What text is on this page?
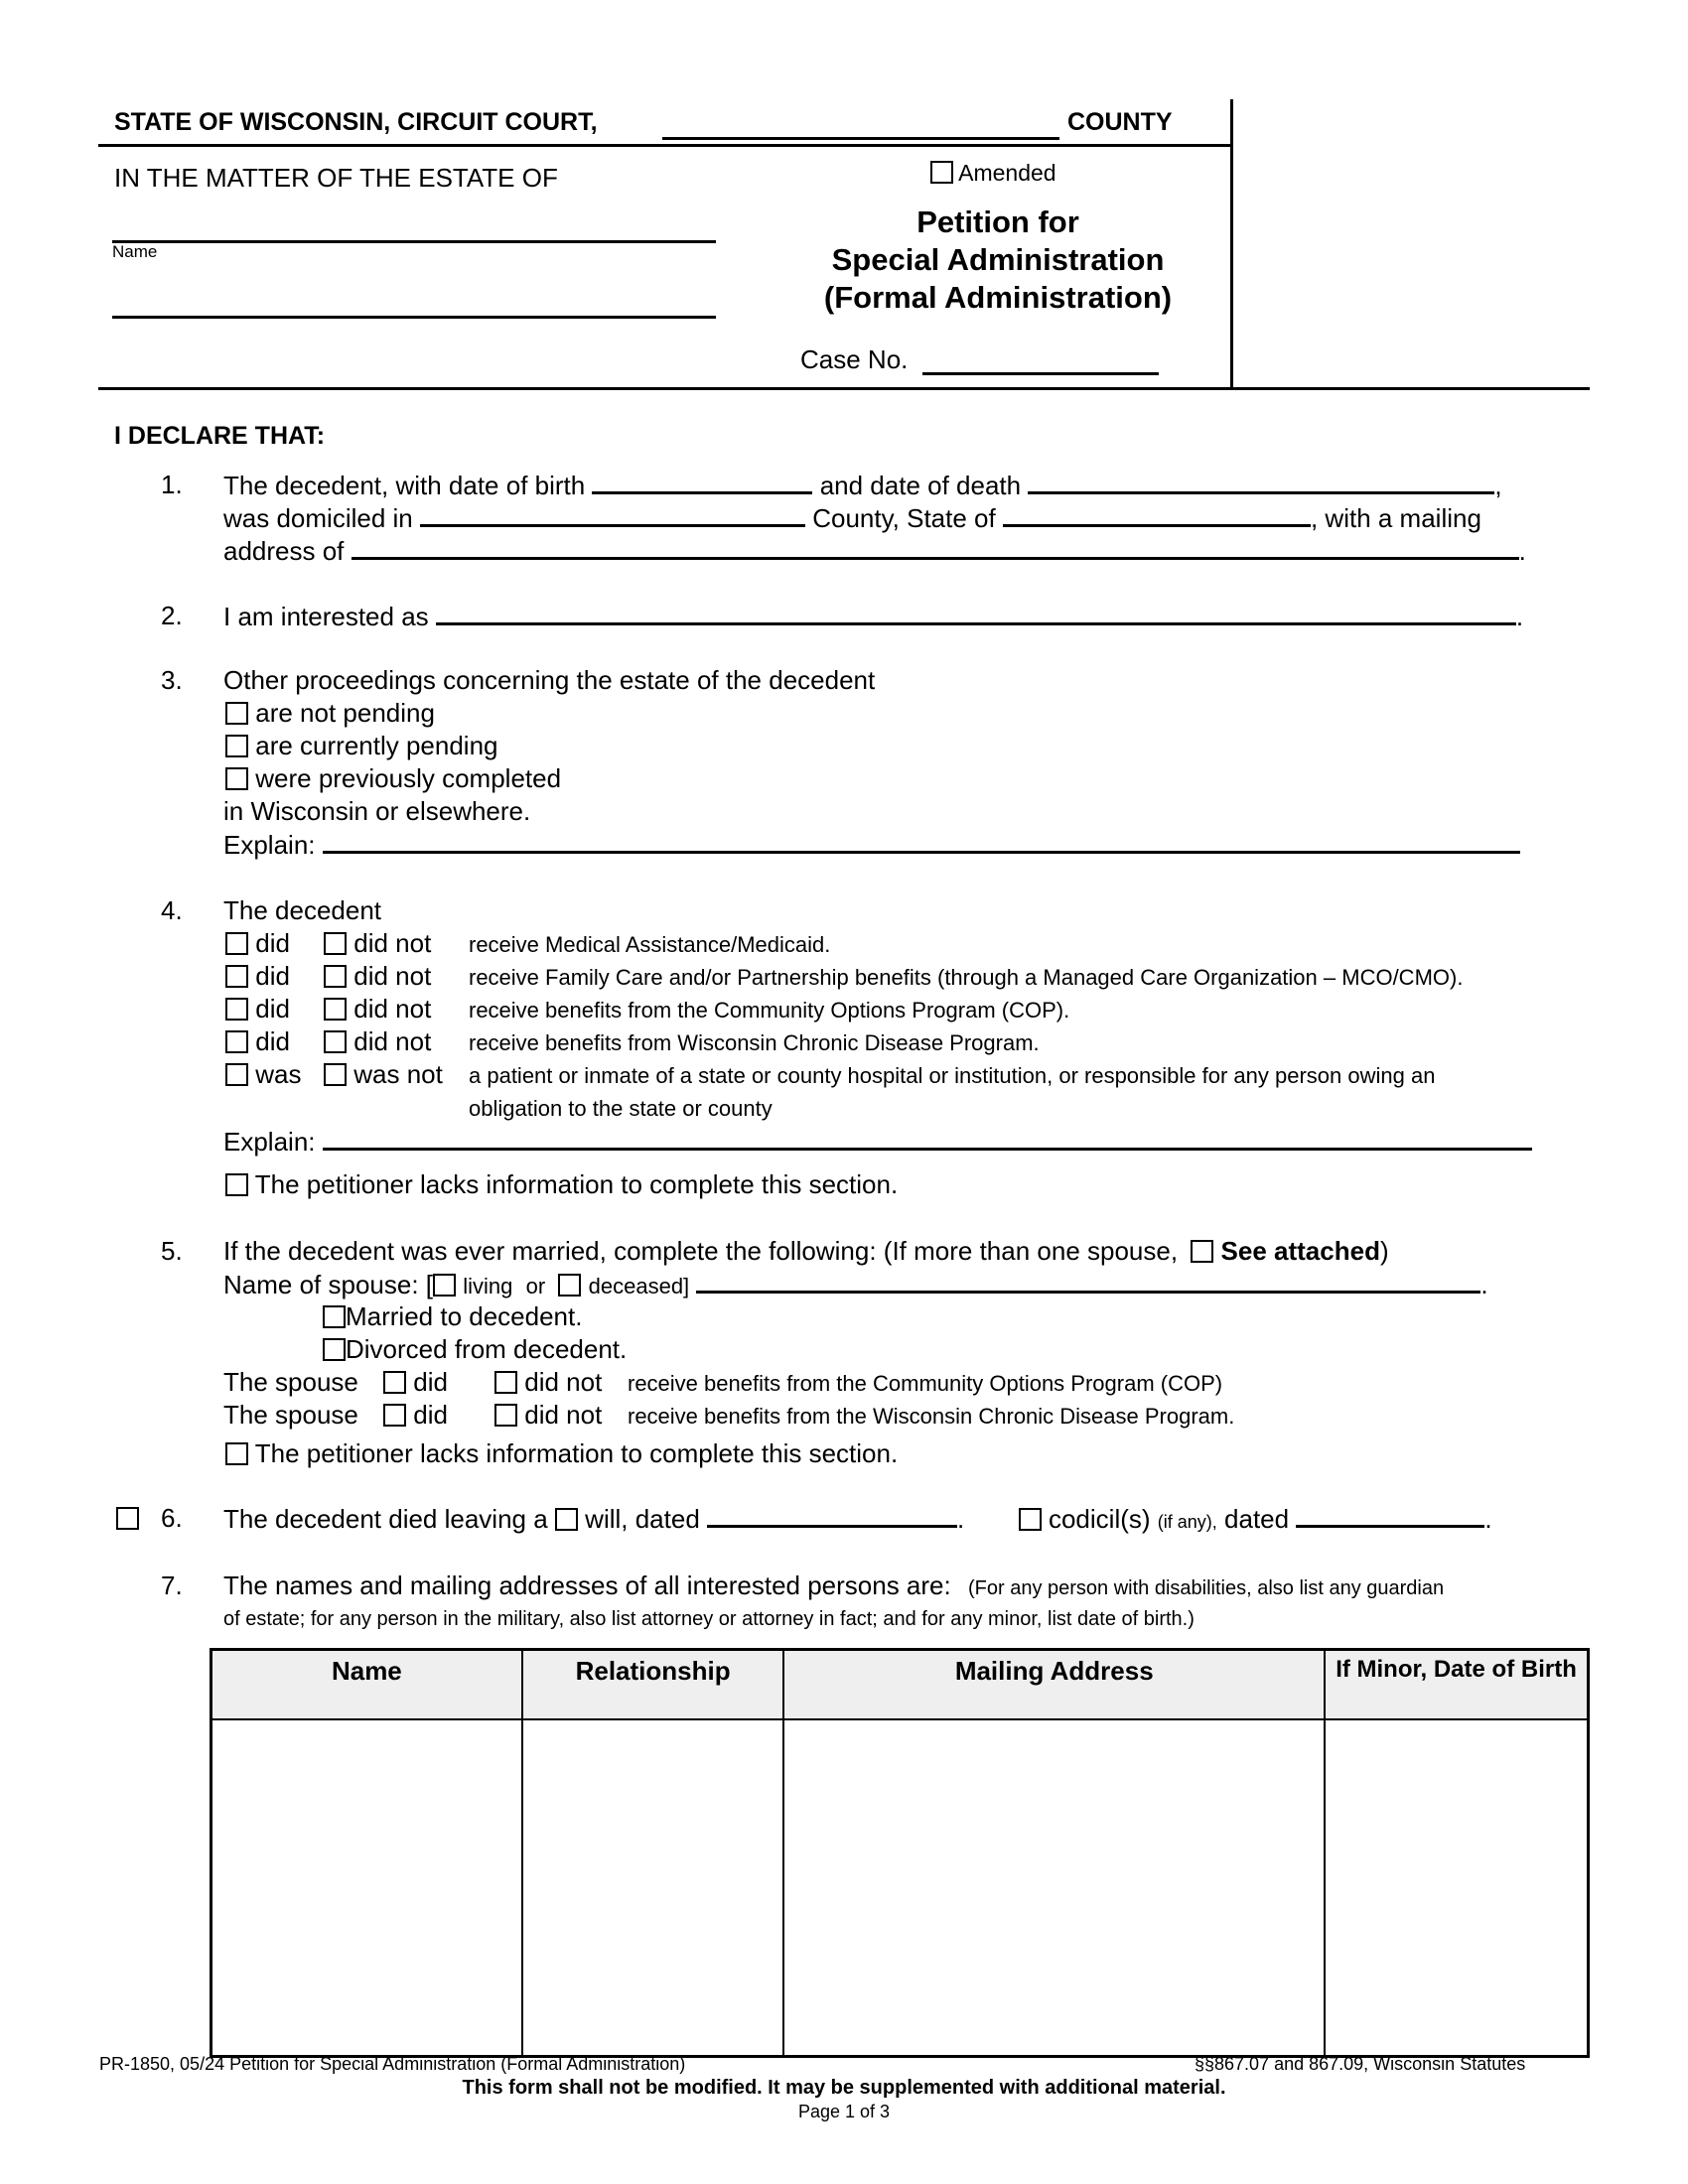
STATE OF WISCONSIN, CIRCUIT COURT,	COUNTY
IN THE MATTER OF THE ESTATE OF
Name
Amended
Petition for
Special Administration
(Formal Administration)
Case No.
I DECLARE THAT:
1. The decedent, with date of birth	and date of death	,
was domiciled in	County, State of	, with a mailing
address of	.
2. I am interested as	.
3. Other proceedings concerning the estate of the decedent
are not pending
are currently pending
were previously completed
in Wisconsin or elsewhere.
Explain:
4. The decedent
did	did not receive Medical Assistance/Medicaid.
did	did not receive Family Care and/or Partnership benefits (through a Managed Care Organization – MCO/CMO).
did	did not receive benefits from the Community Options Program (COP).
did	did not receive benefits from Wisconsin Chronic Disease Program.
was	was not a patient or inmate of a state or county hospital or institution, or responsible for any person owing an
obligation to the state or county
Explain:
The petitioner lacks information to complete this section.
5. If the decedent was ever married, complete the following: (If more than one spouse, See attached)
Name of spouse: [ living or deceased]	.
Married to decedent.
Divorced from decedent.
The spouse	did	did not receive benefits from the Community Options Program (COP)
The spouse	did	did not receive benefits from the Wisconsin Chronic Disease Program.
The petitioner lacks information to complete this section.
6. The decedent died leaving a will, dated	.	codicil(s) (if any), dated	.
7. The names and mailing addresses of all interested persons are: (For any person with disabilities, also list any guardian
of estate; for any person in the military, also list attorney or attorney in fact; and for any minor, list date of birth.)
Name	Relationship	Mailing Address	If Minor, Date of Birth

PR-1850, 05/24 Petition for Special Administration (Formal Administration)	§§867.07 and 867.09, Wisconsin Statutes
This form shall not be modified. It may be supplemented with additional material.
Page 1 of 3
